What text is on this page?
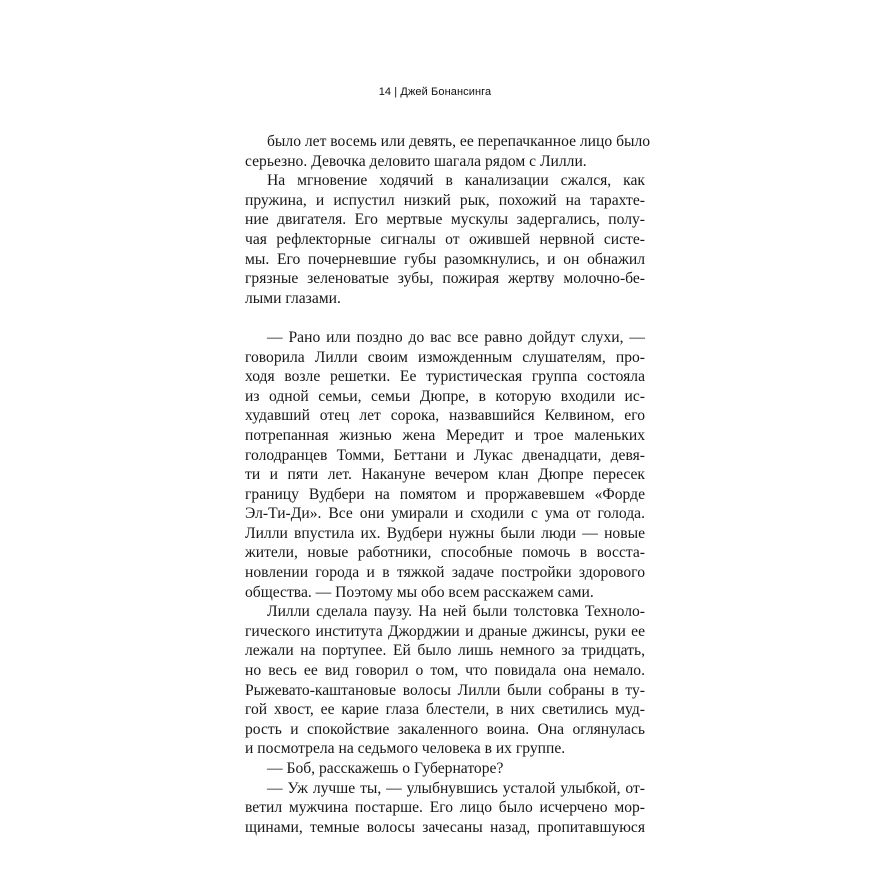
14 | Джей Бонансинга
было лет восемь или девять, ее перепачканное лицо было
серьезно. Девочка деловито шагала рядом с Лилли.
На мгновение ходячий в канализации сжался, как
пружина, и испустил низкий рык, похожий на тарахте-
ние двигателя. Его мертвые мускулы задергались, полу-
чая рефлекторные сигналы от ожившей нервной систе-
мы. Его почерневшие губы разомкнулись, и он обнажил
грязные зеленоватые зубы, пожирая жертву молочно-бе-
лыми глазами.
— Рано или поздно до вас все равно дойдут слухи, —
говорила Лилли своим изможденным слушателям, про-
ходя возле решетки. Ее туристическая группа состояла
из одной семьи, семьи Дюпре, в которую входили ис-
худавший отец лет сорока, назвавшийся Келвином, его
потрепанная жизнью жена Мередит и трое маленьких
голодранцев Томми, Беттани и Лукас двенадцати, девя-
ти и пяти лет. Накануне вечером клан Дюпре пересек
границу Вудбери на помятом и проржавевшем «Форде
Эл-Ти-Ди». Все они умирали и сходили с ума от голода.
Лилли впустила их. Вудбери нужны были люди — новые
жители, новые работники, способные помочь в восста-
новлении города и в тяжкой задаче постройки здорового
общества. — Поэтому мы обо всем расскажем сами.
Лилли сделала паузу. На ней были толстовка Техноло-
гического института Джорджии и драные джинсы, руки ее
лежали на портупее. Ей было лишь немного за тридцать,
но весь ее вид говорил о том, что повидала она немало.
Рыжевато-каштановые волосы Лилли были собраны в ту-
гой хвост, ее карие глаза блестели, в них светились муд-
рость и спокойствие закаленного воина. Она оглянулась
и посмотрела на седьмого человека в их группе.
— Боб, расскажешь о Губернаторе?
— Уж лучше ты, — улыбнувшись усталой улыбкой, от-
ветил мужчина постарше. Его лицо было исчерчено мор-
щинами, темные волосы зачесаны назад, пропитавшуюся
